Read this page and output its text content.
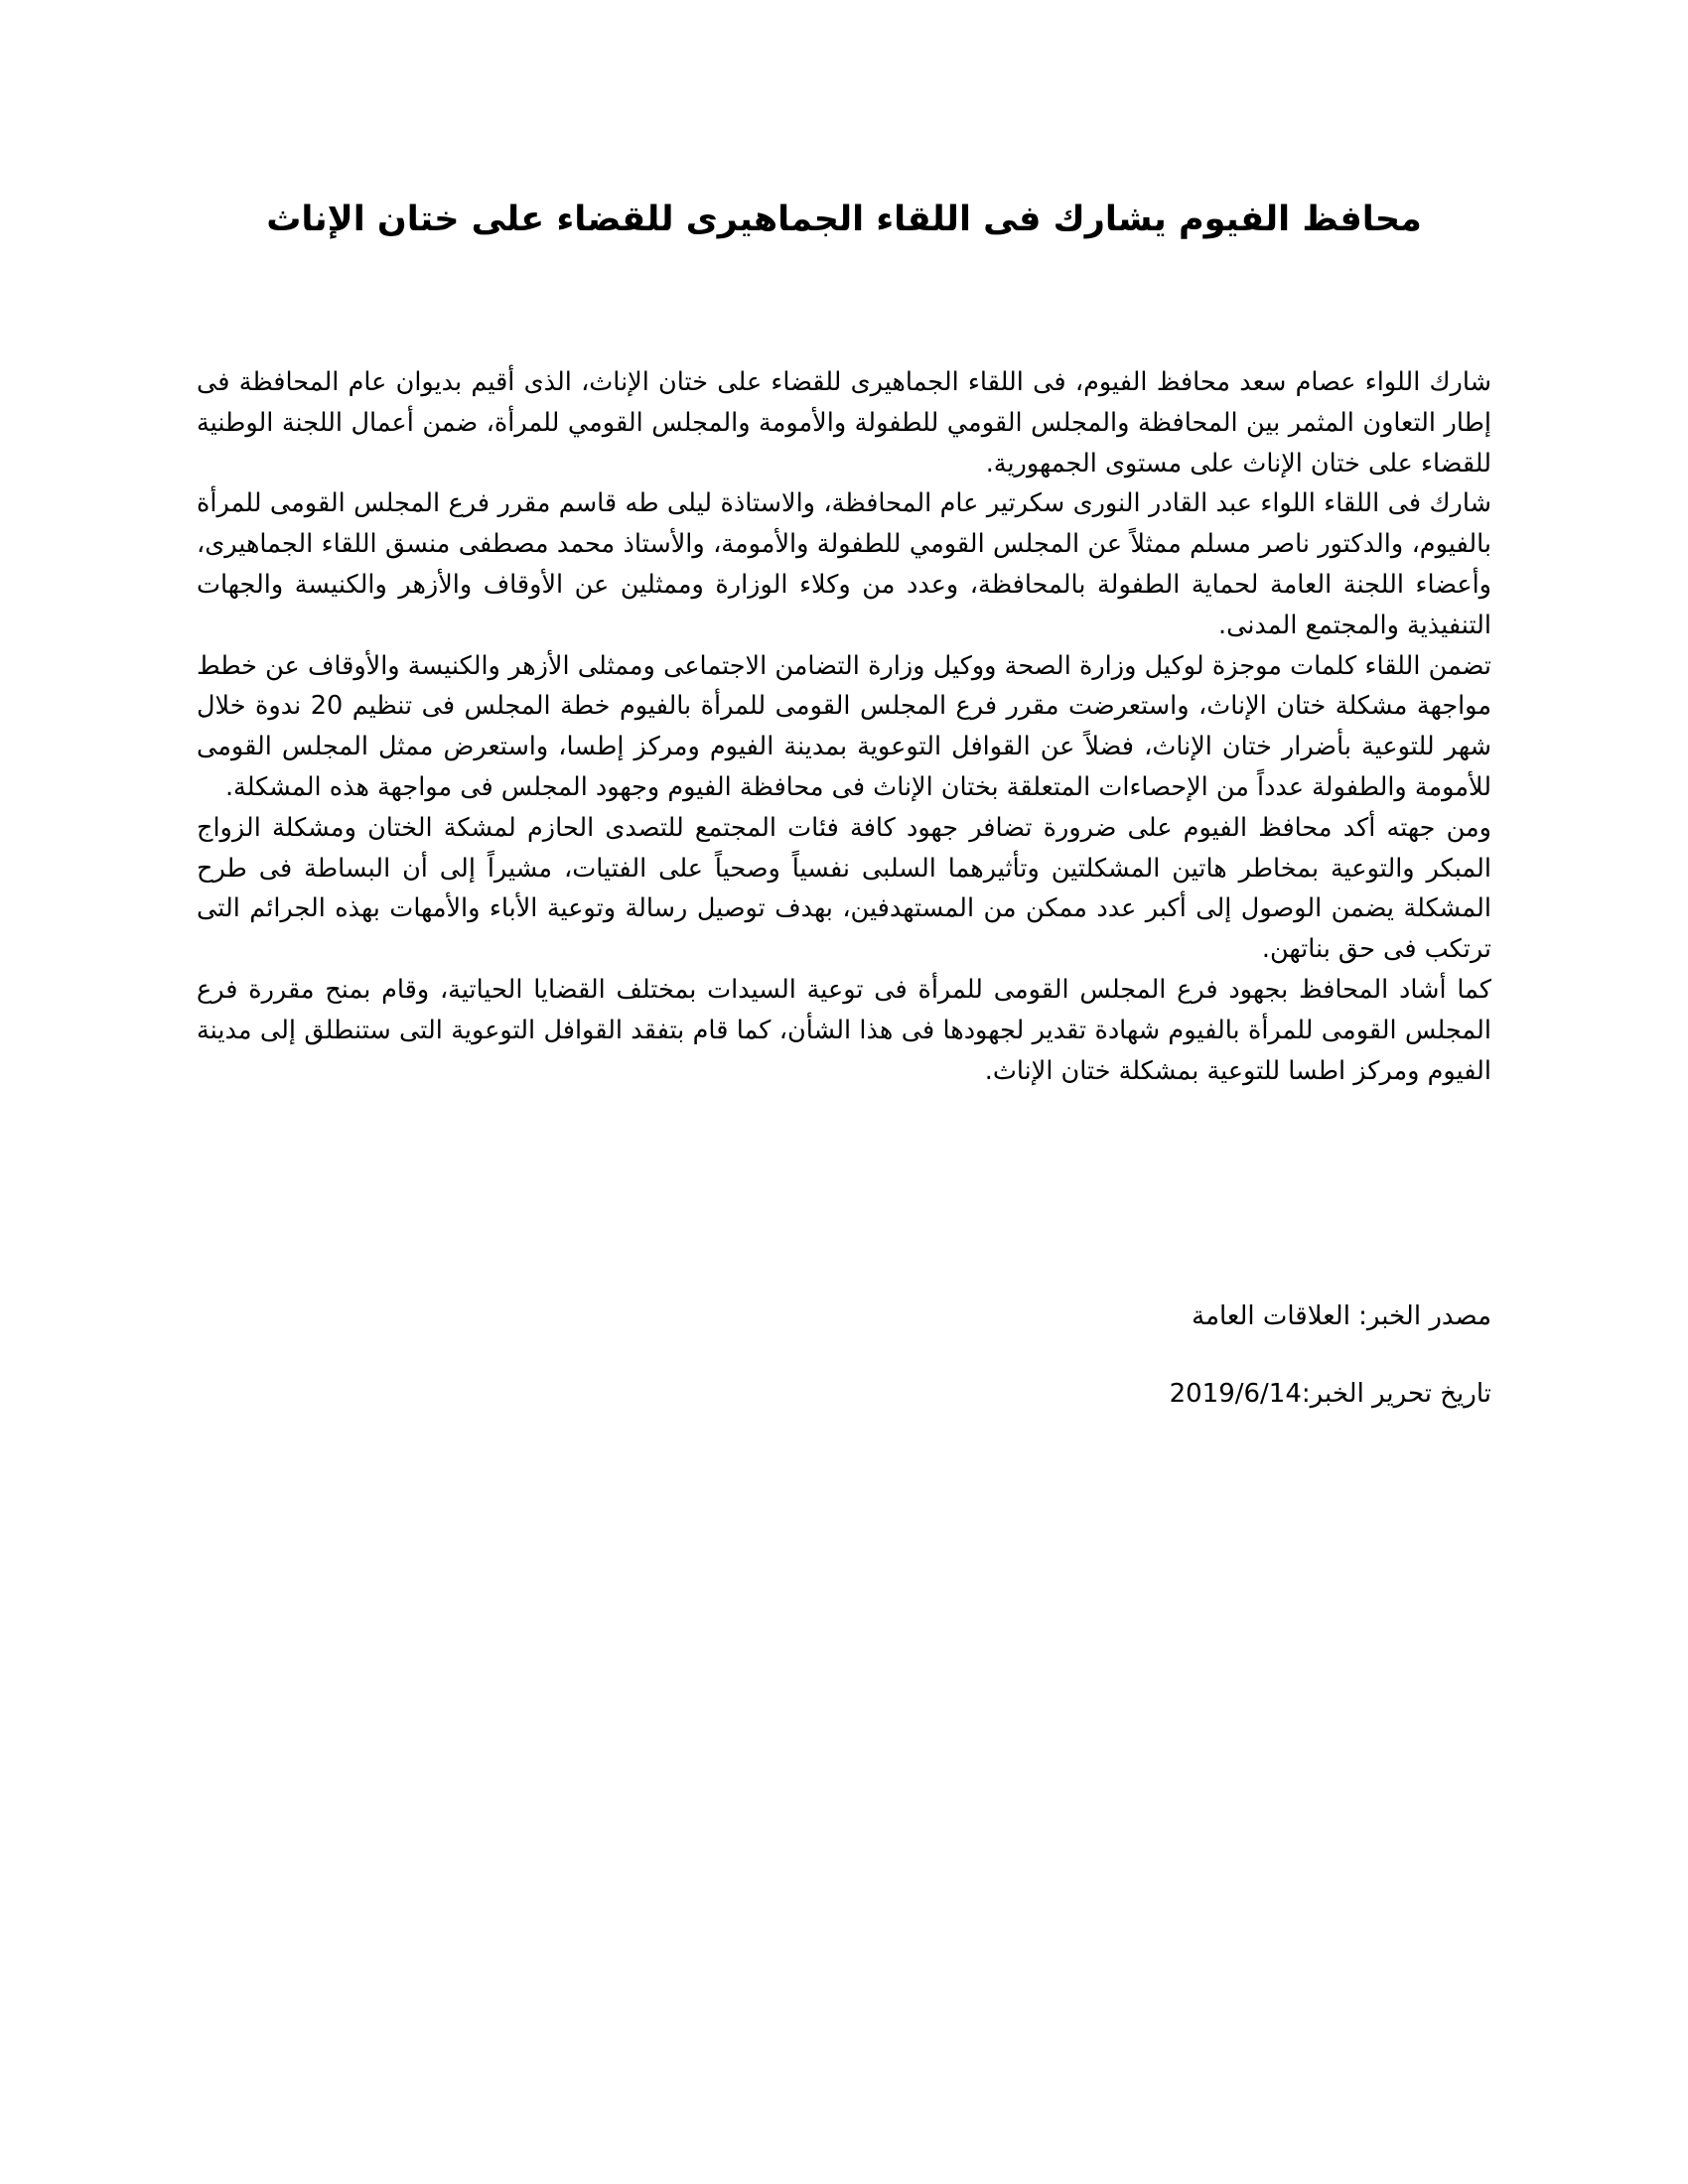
محافظ الفيوم يشارك فى اللقاء الجماهيرى للقضاء على ختان الإناث

شارك اللواء عصام سعد محافظ الفيوم، فى اللقاء الجماهيرى للقضاء على ختان الإناث، الذى أقيم بديوان عام المحافظة فى إطار التعاون المثمر بين المحافظة والمجلس القومي للطفولة والأمومة والمجلس القومي للمرأة، ضمن أعمال اللجنة الوطنية للقضاء على ختان الإناث على مستوى الجمهورية.

شارك فى اللقاء اللواء عبد القادر النورى سكرتير عام المحافظة، والاستاذة ليلى طه قاسم مقرر فرع المجلس القومى للمرأة بالفيوم، والدكتور ناصر مسلم ممثلاً عن المجلس القومي للطفولة والأمومة، والأستاذ محمد مصطفى منسق اللقاء الجماهيرى، وأعضاء اللجنة العامة لحماية الطفولة بالمحافظة، وعدد من وكلاء الوزارة وممثلين عن الأوقاف والأزهر والكنيسة والجهات التنفيذية والمجتمع المدنى.

تضمن اللقاء كلمات موجزة لوكيل وزارة الصحة ووكيل وزارة التضامن الاجتماعى وممثلى الأزهر والكنيسة والأوقاف عن خطط مواجهة مشكلة ختان الإناث، واستعرضت مقرر فرع المجلس القومى للمرأة بالفيوم خطة المجلس فى تنظيم 20 ندوة خلال شهر للتوعية بأضرار ختان الإناث، فضلاً عن القوافل التوعوية بمدينة الفيوم ومركز إطسا، واستعرض ممثل المجلس القومى للأمومة والطفولة عدداً من الإحصاءات المتعلقة بختان الإناث فى محافظة الفيوم وجهود المجلس فى مواجهة هذه المشكلة.

ومن جهته أكد محافظ الفيوم على ضرورة تضافر جهود كافة فئات المجتمع للتصدى الحازم لمشكة الختان ومشكلة الزواج المبكر والتوعية بمخاطر هاتين المشكلتين وتأثيرهما السلبى نفسياً وصحياً على الفتيات، مشيراً إلى أن البساطة فى طرح المشكلة يضمن الوصول إلى أكبر عدد ممكن من المستهدفين، بهدف توصيل رسالة وتوعية الأباء والأمهات بهذه الجرائم التى ترتكب فى حق بناتهن.

كما أشاد المحافظ بجهود فرع المجلس القومى للمرأة فى توعية السيدات بمختلف القضايا الحياتية، وقام بمنح مقررة فرع المجلس القومى للمرأة بالفيوم شهادة تقدير لجهودها فى هذا الشأن، كما قام بتفقد القوافل التوعوية التى ستنطلق إلى مدينة الفيوم ومركز اطسا للتوعية بمشكلة ختان الإناث.

مصدر الخبر: العلاقات العامة

تاريخ تحرير الخبر:2019/6/14
